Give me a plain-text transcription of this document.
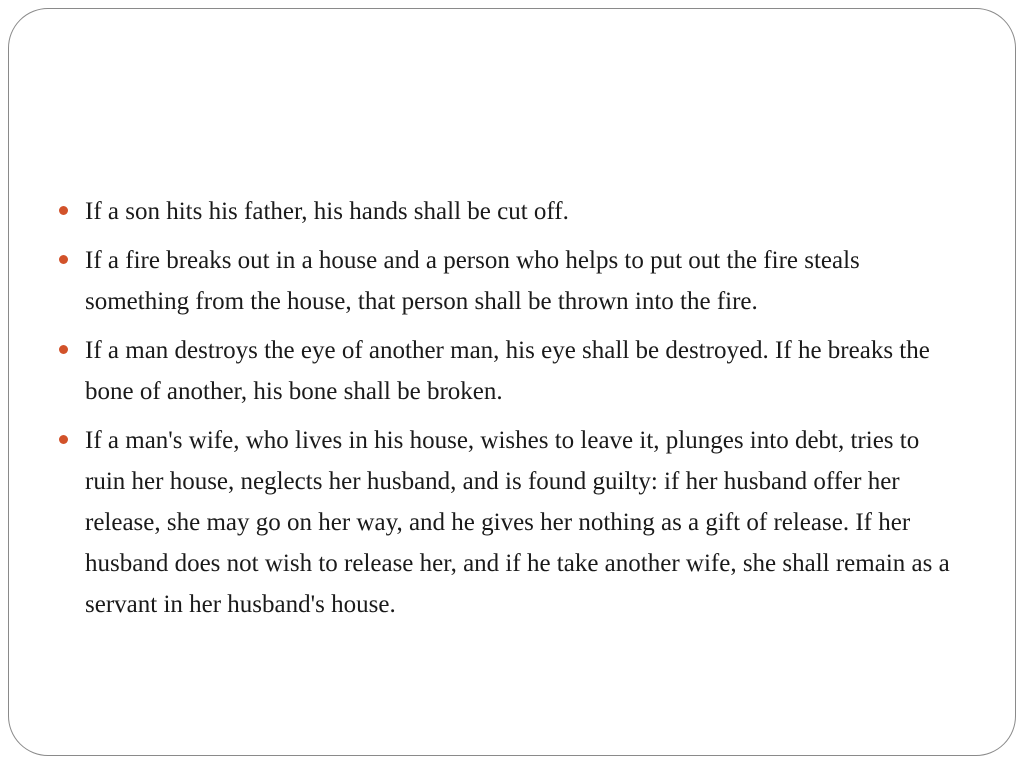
If a son hits his father, his hands shall be cut off.
If a fire breaks out in a house and a person who helps to put out the fire steals something from the house, that person shall be thrown into the fire.
If a man destroys the eye of another man, his eye shall be destroyed. If he breaks the bone of another, his bone shall be broken.
If a man's wife, who lives in his house, wishes to leave it, plunges into debt, tries to ruin her house, neglects her husband, and is found guilty: if her husband offer her release, she may go on her way, and he gives her nothing as a gift of release. If her husband does not wish to release her, and if he take another wife, she shall remain as a servant in her husband's house.
